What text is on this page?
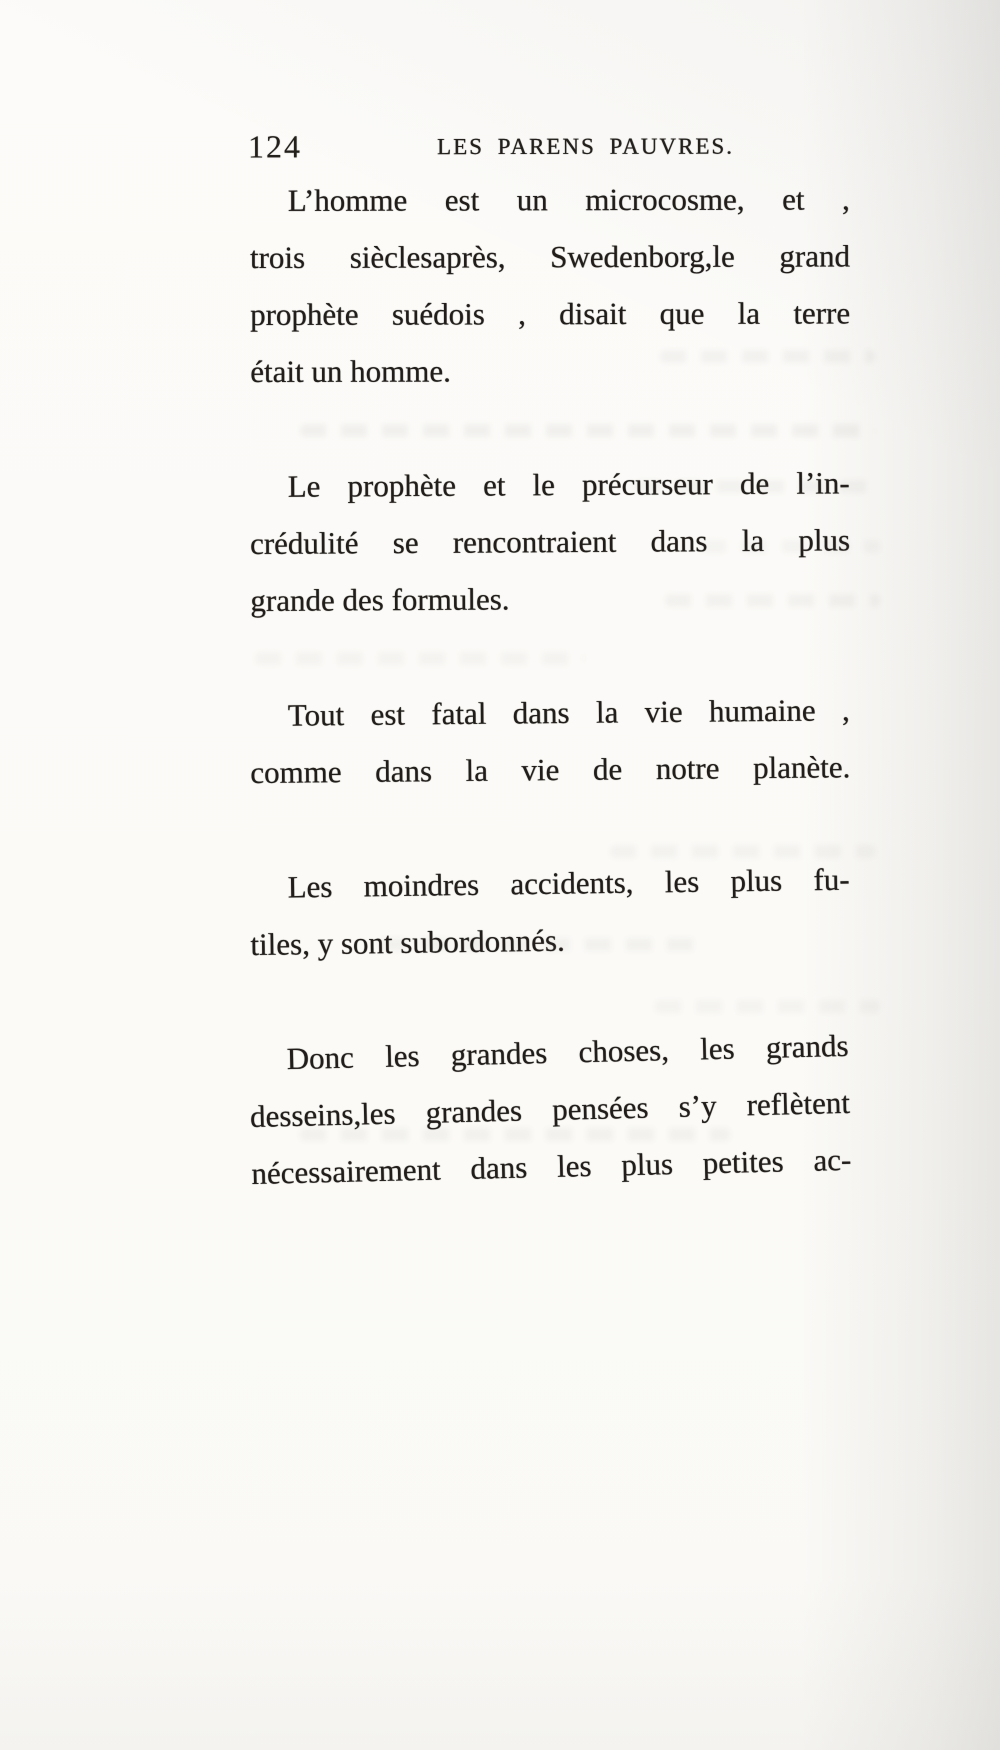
124	LES PARENS PAUVRES.

L’homme est un microcosme, et ,
trois sièclesaprès, Swedenborg,le grand
prophète suédois , disait que la terre
était un homme.

Le prophète et le précurseur de l’in-
crédulité se rencontraient dans la plus
grande des formules.

Tout est fatal dans la vie humaine ,
comme dans la vie de notre planète.

Les moindres accidents, les plus fu-
tiles, y sont subordonnés.

Donc les grandes choses, les grands
desseins,les grandes pensées s’y reflètent
nécessairement dans les plus petites ac-
